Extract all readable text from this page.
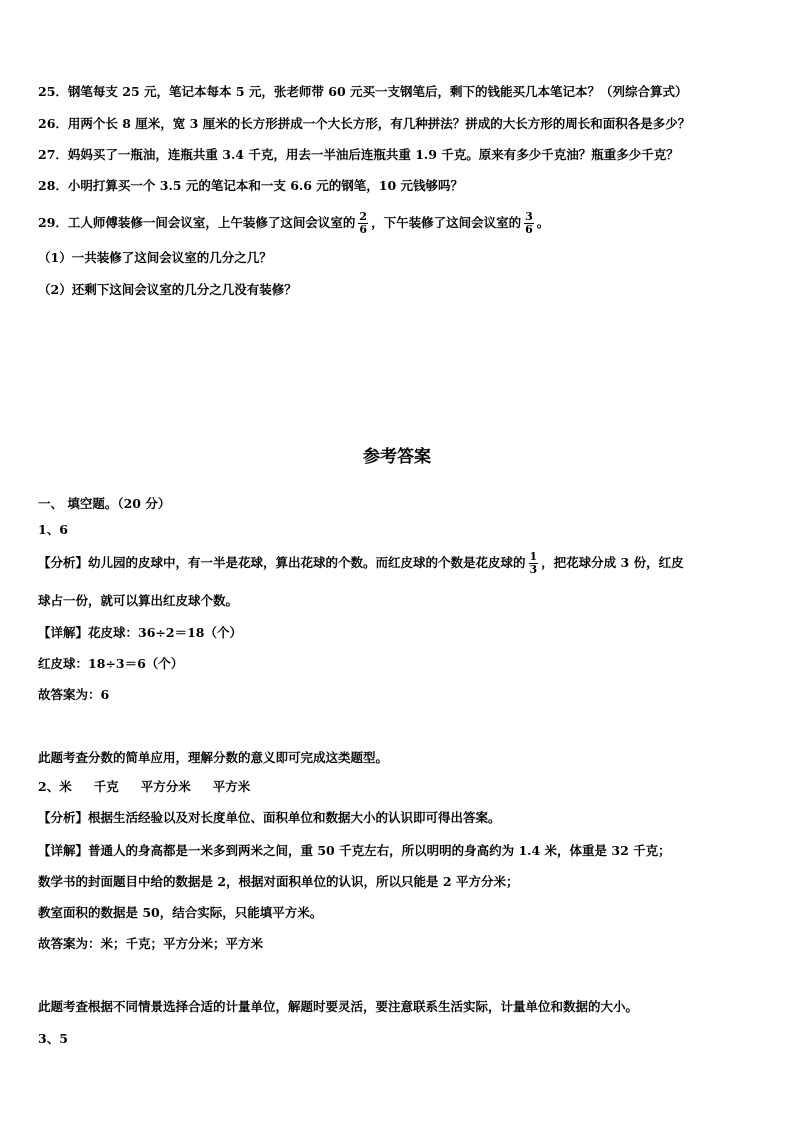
25．钢笔每支 25 元，笔记本每本 5 元，张老师带 60 元买一支钢笔后，剩下的钱能买几本笔记本？（列综合算式）
26．用两个长 8 厘米，宽 3 厘米的长方形拼成一个大长方形，有几种拼法？拼成的大长方形的周长和面积各是多少？
27．妈妈买了一瓶油，连瓶共重 3.4 千克，用去一半油后连瓶共重 1.9 千克。原来有多少千克油？瓶重多少千克？
28．小明打算买一个 3.5 元的笔记本和一支 6.6 元的钢笔，10 元钱够吗？
29．工人师傅装修一间会议室，上午装修了这间会议室的 $\frac{2}{6}$ ，下午装修了这间会议室的 $\frac{3}{6}$ 。
（1）一共装修了这间会议室的几分之几？
（2）还剩下这间会议室的几分之几没有装修？
参考答案
一、 填空题。（20 分）
1、6
【分析】幼儿园的皮球中，有一半是花球，算出花球的个数。而红皮球的个数是花皮球的 $\frac{1}{3}$ ，把花球分成 3 份，红皮
球占一份，就可以算出红皮球个数。
【详解】花皮球：36÷2＝18（个）
红皮球：18÷3＝6（个）
故答案为：6
此题考查分数的简单应用，理解分数的意义即可完成这类题型。
2、米 千克 平方分米 平方米
【分析】根据生活经验以及对长度单位、面积单位和数据大小的认识即可得出答案。
【详解】普通人的身高都是一米多到两米之间，重 50 千克左右，所以明明的身高约为 1.4 米，体重是 32 千克；
数学书的封面题目中给的数据是 2，根据对面积单位的认识，所以只能是 2 平方分米；
教室面积的数据是 50，结合实际，只能填平方米。
故答案为：米；千克；平方分米；平方米
此题考查根据不同情景选择合适的计量单位，解题时要灵活，要注意联系生活实际，计量单位和数据的大小。
3、5
